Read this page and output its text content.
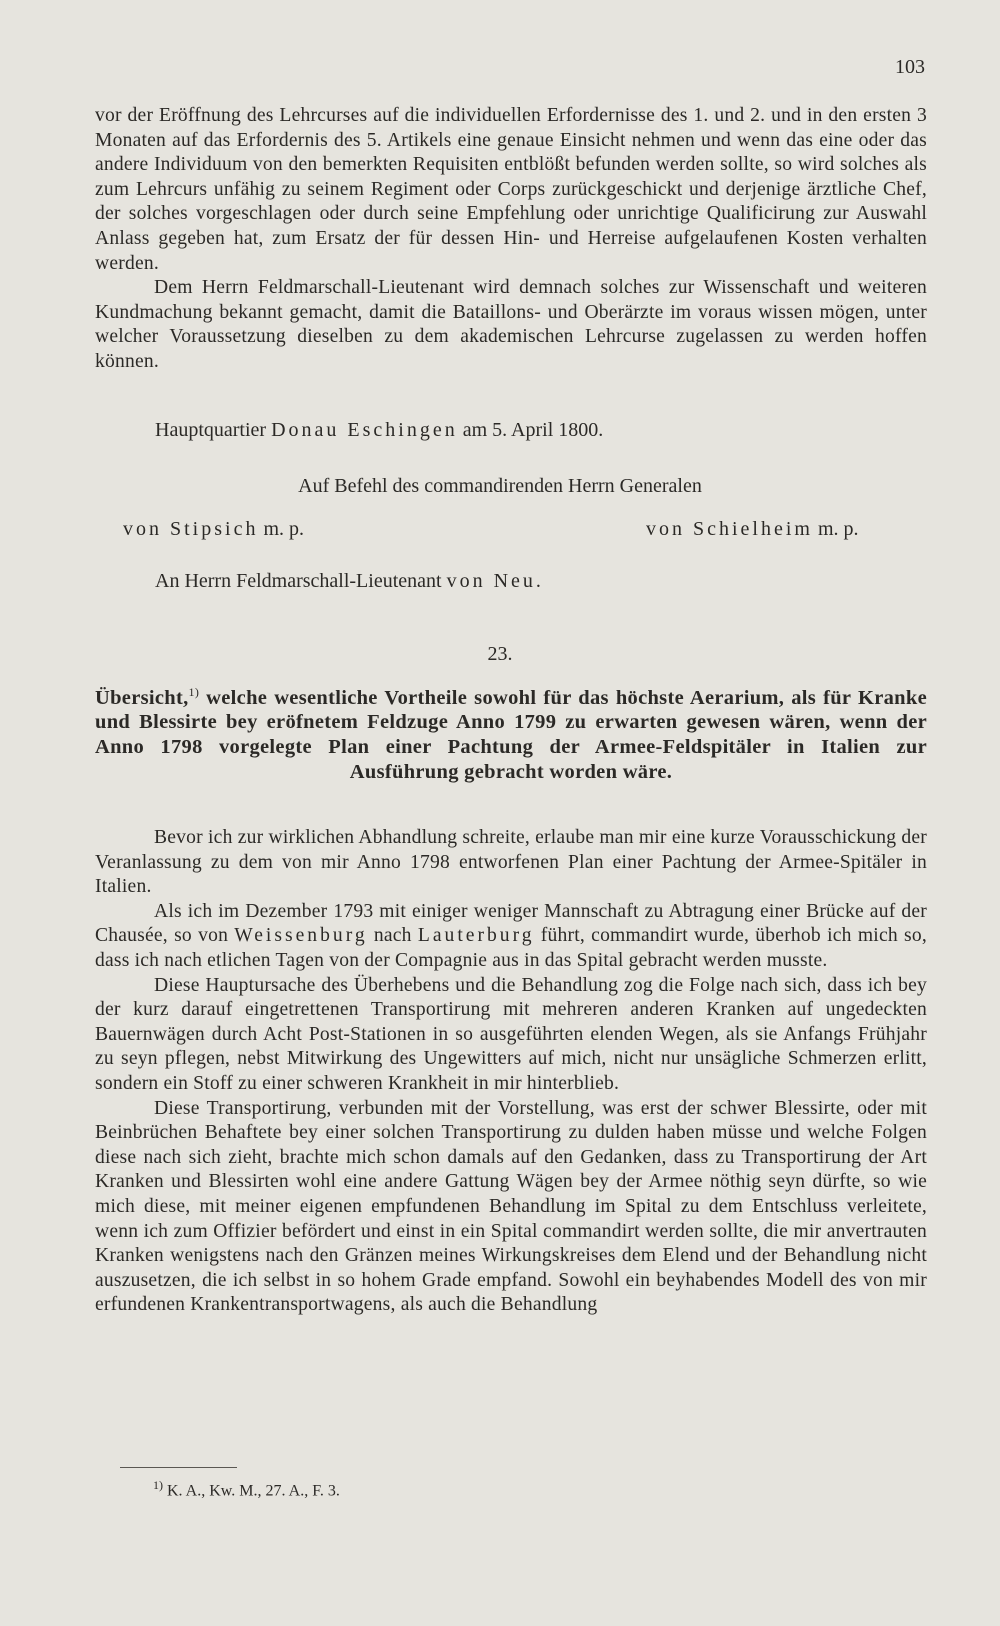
103

vor der Eröffnung des Lehrcurses auf die individuellen Erfordernisse des 1. und 2. und in den ersten 3 Monaten auf das Erfordernis des 5. Artikels eine genaue Einsicht nehmen und wenn das eine oder das andere Individuum von den bemerkten Requisiten entblößt befunden werden sollte, so wird solches als zum Lehrcurs unfähig zu seinem Regiment oder Corps zurückgeschickt und derjenige ärztliche Chef, der solches vorgeschlagen oder durch seine Empfehlung oder unrichtige Qualificirung zur Auswahl Anlass gegeben hat, zum Ersatz der für dessen Hin- und Herreise aufgelaufenen Kosten verhalten werden.

Dem Herrn Feldmarschall-Lieutenant wird demnach solches zur Wissenschaft und weiteren Kundmachung bekannt gemacht, damit die Bataillons- und Oberärzte im voraus wissen mögen, unter welcher Voraussetzung dieselben zu dem akademischen Lehrcurse zugelassen zu werden hoffen können.

Hauptquartier Donau Eschingen am 5. April 1800.
Auf Befehl des commandirenden Herrn Generalen
von Stipsich m. p.	von Schielheim m. p.
An Herrn Feldmarschall-Lieutenant von Neu.
23.
Übersicht,$^{1)}$ welche wesentliche Vortheile sowohl für das höchste Aerarium, als für Kranke und Blessirte bey eröfnetem Feldzuge Anno 1799 zu erwarten gewesen wären, wenn der Anno 1798 vorgelegte Plan einer Pachtung der Armee-Feldspitäler in Italien zur Ausführung gebracht worden wäre.

Bevor ich zur wirklichen Abhandlung schreite, erlaube man mir eine kurze Vorausschickung der Veranlassung zu dem von mir Anno 1798 entworfenen Plan einer Pachtung der Armee-Spitäler in Italien.

Als ich im Dezember 1793 mit einiger weniger Mannschaft zu Abtragung einer Brücke auf der Chausée, so von Weissenburg nach Lauterburg führt, commandirt wurde, überhob ich mich so, dass ich nach etlichen Tagen von der Compagnie aus in das Spital gebracht werden musste.

Diese Hauptursache des Überhebens und die Behandlung zog die Folge nach sich, dass ich bey der kurz darauf eingetrettenen Transportirung mit mehreren anderen Kranken auf ungedeckten Bauernwägen durch Acht Post-Stationen in so ausgeführten elenden Wegen, als sie Anfangs Frühjahr zu seyn pflegen, nebst Mitwirkung des Ungewitters auf mich, nicht nur unsägliche Schmerzen erlitt, sondern ein Stoff zu einer schweren Krankheit in mir hinterblieb.

Diese Transportirung, verbunden mit der Vorstellung, was erst der schwer Blessirte, oder mit Beinbrüchen Behaftete bey einer solchen Transportirung zu dulden haben müsse und welche Folgen diese nach sich zieht, brachte mich schon damals auf den Gedanken, dass zu Transportirung der Art Kranken und Blessirten wohl eine andere Gattung Wägen bey der Armee nöthig seyn dürfte, so wie mich diese, mit meiner eigenen empfundenen Behandlung im Spital zu dem Entschluss verleitete, wenn ich zum Offizier befördert und einst in ein Spital commandirt werden sollte, die mir anvertrauten Kranken wenigstens nach den Gränzen meines Wirkungskreises dem Elend und der Behandlung nicht auszusetzen, die ich selbst in so hohem Grade empfand. Sowohl ein beyhabendes Modell des von mir erfundenen Krankentransportwagens, als auch die Behandlung

$^{1)}$ K. A., Kw. M., 27. A., F. 3.
